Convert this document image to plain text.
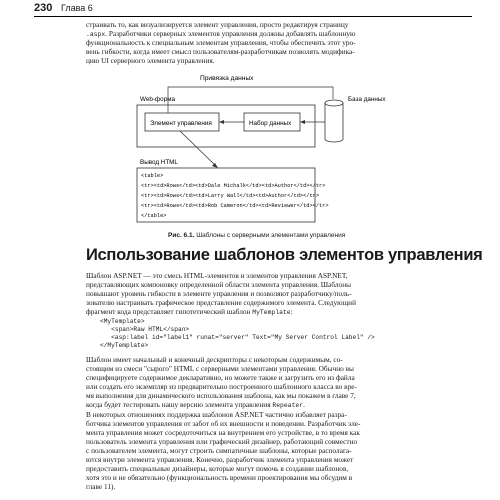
230 Глава 6

страивать то, как визуализируется элемент управления, просто редактируя страницу

.aspx. Разработчики серверных элементов управления должны добавлять шаблонную

функциональность к специальным элементам управления, чтобы обеспечить этот уро-

вень гибкости, когда имеет смысл пользователям-разработчикам позволять модифика-

цию UI серверного элемента управления.

Привязка данных
Web-форма
Элемент управления	Набор данных
База данных
Вывод HTML
<table>
<tr><td>Rows</td><td>Dale Michalk</td><td>Author</td></tr>
<tr><td>Rows</td><td>Larry Wall</td><td>Author</td></tr>
<tr><td>Rows</td><td>Rob Cameron</td><td>Reviewer</td></tr>
</table>
Рис. 6.1. Шаблоны с серверными элементами управления
Использование шаблонов элементов управления

Шаблон ASP.NET — это смесь HTML-элементов и элементов управления ASP.NET,

представляющих компоновку определенной области элемента управления. Шаблоны

повышают уровень гибкости в элементе управления и позволяют разработчику/поль-

зователю настраивать графическое представление содержимого элемента. Следующий

фрагмент кода представляет гипотетический шаблон MyTemplate:

<MyTemplate>
<span>Raw HTML</span>
<asp:label id="label1" runat="server" Text="My Server Control Label" />
</MyTemplate>

Шаблон имеет начальный и конечный дескрипторы с некоторым содержимым, со-

стоящим из смеси "сырого" HTML с серверными элементами управления. Обычно вы

специфицируете содержимое декларативно, но можете также и загрузить его из файла

или создать его экземпляр из предварительно построенного шаблонного класса во вре-

мя выполнения для динамического использования шаблона, как мы покажем в главе 7,

когда будет тестировать нашу версию элемента управления Repeater.

В некоторых отношениях поддержка шаблонов ASP.NET частично избавляет разра-

ботчика элементов управления от забот об их внешности и поведении. Разработчик эле-

мента управления может сосредоточиться на внутреннем его устройстве, в то время как

пользователь элемента управления или графический дизайнер, работающий совместно

с пользователем элемента, могут строить симпатичные шаблоны, которые располага-

ются внутри элемента управления. Конечно, разработчик элемента управления может

предоставить специальные дизайнеры, которые могут помочь в создании шаблонов,

хотя это и не обязательно (функциональность времени проектирования мы обсудим в

главе 11).
